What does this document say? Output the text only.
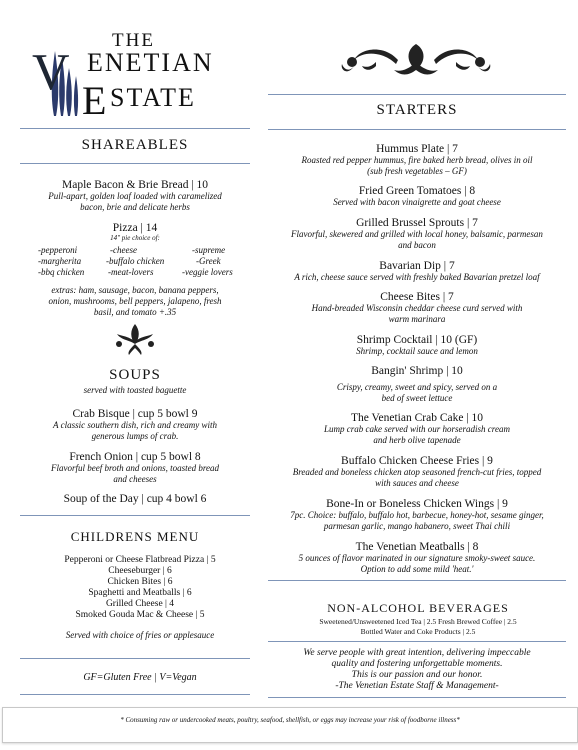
THE
V ENETIAN
E STATE
SHAREABLES
Maple Bacon & Brie Bread | 10
Pull-apart, golden loaf loaded with caramelized
bacon, brie and delicate herbs
Pizza | 14
14" pie choice of:
-pepperoni	-cheese	-supreme
-margherita	-buffalo chicken	-Greek
-bbq chicken	-meat-lovers	-veggie lovers
extras: ham, sausage, bacon, banana peppers,
onion, mushrooms, bell peppers, jalapeno, fresh
basil, and tomato +.35
SOUPS
served with toasted baguette
Crab Bisque | cup 5 bowl 9
A classic southern dish, rich and creamy with
generous lumps of crab.
French Onion | cup 5 bowl 8
Flavorful beef broth and onions, toasted bread
and cheeses
Soup of the Day | cup 4 bowl 6
CHILDRENS MENU
Pepperoni or Cheese Flatbread Pizza | 5
Cheeseburger | 6
Chicken Bites | 6
Spaghetti and Meatballs | 6
Grilled Cheese | 4
Smoked Gouda Mac & Cheese | 5
Served with choice of fries or applesauce
GF=Gluten Free | V=Vegan
STARTERS
Hummus Plate | 7
Roasted red pepper hummus, fire baked herb bread, olives in oil
(sub fresh vegetables – GF)
Fried Green Tomatoes | 8
Served with bacon vinaigrette and goat cheese
Grilled Brussel Sprouts | 7
Flavorful, skewered and grilled with local honey, balsamic, parmesan
and bacon
Bavarian Dip | 7
A rich, cheese sauce served with freshly baked Bavarian pretzel loaf
Cheese Bites | 7
Hand-breaded Wisconsin cheddar cheese curd served with
warm marinara
Shrimp Cocktail | 10 (GF)
Shrimp, cocktail sauce and lemon
Bangin' Shrimp | 10
Crispy, creamy, sweet and spicy, served on a
bed of sweet lettuce
The Venetian Crab Cake | 10
Lump crab cake served with our horseradish cream
and herb olive tapenade
Buffalo Chicken Cheese Fries | 9
Breaded and boneless chicken atop seasoned french-cut fries, topped
with sauces and cheese
Bone-In or Boneless Chicken Wings | 9
7pc. Choice: buffalo, buffalo hot, barbecue, honey-hot, sesame ginger,
parmesan garlic, mango habanero, sweet Thai chili
The Venetian Meatballs | 8
5 ounces of flavor marinated in our signature smoky-sweet sauce.
Option to add some mild 'heat.'
NON-ALCOHOL BEVERAGES
Sweetened/Unsweetened Iced Tea | 2.5 Fresh Brewed Coffee | 2.5
Bottled Water and Coke Products | 2.5
We serve people with great intention, delivering impeccable
quality and fostering unforgettable moments.
This is our passion and our honor.
-The Venetian Estate Staff & Management-
* Consuming raw or undercooked meats, poultry, seafood, shellfish, or eggs may increase your risk of foodborne illness*
